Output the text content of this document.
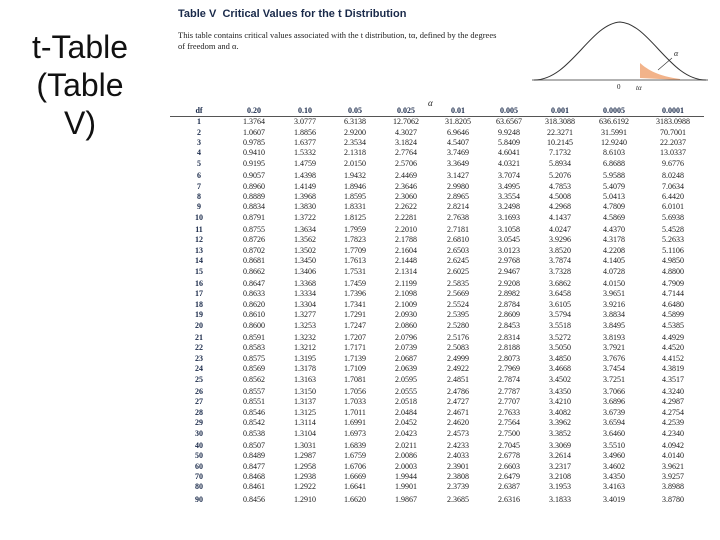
t-Table (Table V)
Table V Critical Values for the t Distribution
This table contains critical values associated with the t distribution, tα, defined by the degrees of freedom and α.
α
0 tα
α
df	0.20	0.10	0.05	0.025	0.01	0.005	0.001	0.0005	0.0001
1	1.3764	3.0777	6.3138	12.7062	31.8205	63.6567	318.3088	636.6192	3183.0988
2	1.0607	1.8856	2.9200	4.3027	6.9646	9.9248	22.3271	31.5991	70.7001
3	0.9785	1.6377	2.3534	3.1824	4.5407	5.8409	10.2145	12.9240	22.2037
4	0.9410	1.5332	2.1318	2.7764	3.7469	4.6041	7.1732	8.6103	13.0337
5	0.9195	1.4759	2.0150	2.5706	3.3649	4.0321	5.8934	6.8688	9.6776
6	0.9057	1.4398	1.9432	2.4469	3.1427	3.7074	5.2076	5.9588	8.0248
7	0.8960	1.4149	1.8946	2.3646	2.9980	3.4995	4.7853	5.4079	7.0634
8	0.8889	1.3968	1.8595	2.3060	2.8965	3.3554	4.5008	5.0413	6.4420
9	0.8834	1.3830	1.8331	2.2622	2.8214	3.2498	4.2968	4.7809	6.0101
10	0.8791	1.3722	1.8125	2.2281	2.7638	3.1693	4.1437	4.5869	5.6938
11	0.8755	1.3634	1.7959	2.2010	2.7181	3.1058	4.0247	4.4370	5.4528
12	0.8726	1.3562	1.7823	2.1788	2.6810	3.0545	3.9296	4.3178	5.2633
13	0.8702	1.3502	1.7709	2.1604	2.6503	3.0123	3.8520	4.2208	5.1106
14	0.8681	1.3450	1.7613	2.1448	2.6245	2.9768	3.7874	4.1405	4.9850
15	0.8662	1.3406	1.7531	2.1314	2.6025	2.9467	3.7328	4.0728	4.8800
16	0.8647	1.3368	1.7459	2.1199	2.5835	2.9208	3.6862	4.0150	4.7909
17	0.8633	1.3334	1.7396	2.1098	2.5669	2.8982	3.6458	3.9651	4.7144
18	0.8620	1.3304	1.7341	2.1009	2.5524	2.8784	3.6105	3.9216	4.6480
19	0.8610	1.3277	1.7291	2.0930	2.5395	2.8609	3.5794	3.8834	4.5899
20	0.8600	1.3253	1.7247	2.0860	2.5280	2.8453	3.5518	3.8495	4.5385
21	0.8591	1.3232	1.7207	2.0796	2.5176	2.8314	3.5272	3.8193	4.4929
22	0.8583	1.3212	1.7171	2.0739	2.5083	2.8188	3.5050	3.7921	4.4520
23	0.8575	1.3195	1.7139	2.0687	2.4999	2.8073	3.4850	3.7676	4.4152
24	0.8569	1.3178	1.7109	2.0639	2.4922	2.7969	3.4668	3.7454	4.3819
25	0.8562	1.3163	1.7081	2.0595	2.4851	2.7874	3.4502	3.7251	4.3517
26	0.8557	1.3150	1.7056	2.0555	2.4786	2.7787	3.4350	3.7066	4.3240
27	0.8551	1.3137	1.7033	2.0518	2.4727	2.7707	3.4210	3.6896	4.2987
28	0.8546	1.3125	1.7011	2.0484	2.4671	2.7633	3.4082	3.6739	4.2754
29	0.8542	1.3114	1.6991	2.0452	2.4620	2.7564	3.3962	3.6594	4.2539
30	0.8538	1.3104	1.6973	2.0423	2.4573	2.7500	3.3852	3.6460	4.2340
40	0.8507	1.3031	1.6839	2.0211	2.4233	2.7045	3.3069	3.5510	4.0942
50	0.8489	1.2987	1.6759	2.0086	2.4033	2.6778	3.2614	3.4960	4.0140
60	0.8477	1.2958	1.6706	2.0003	2.3901	2.6603	3.2317	3.4602	3.9621
70	0.8468	1.2938	1.6669	1.9944	2.3808	2.6479	3.2108	3.4350	3.9257
80	0.8461	1.2922	1.6641	1.9901	2.3739	2.6387	3.1953	3.4163	3.8988
90	0.8456	1.2910	1.6620	1.9867	2.3685	2.6316	3.1833	3.4019	3.8780
